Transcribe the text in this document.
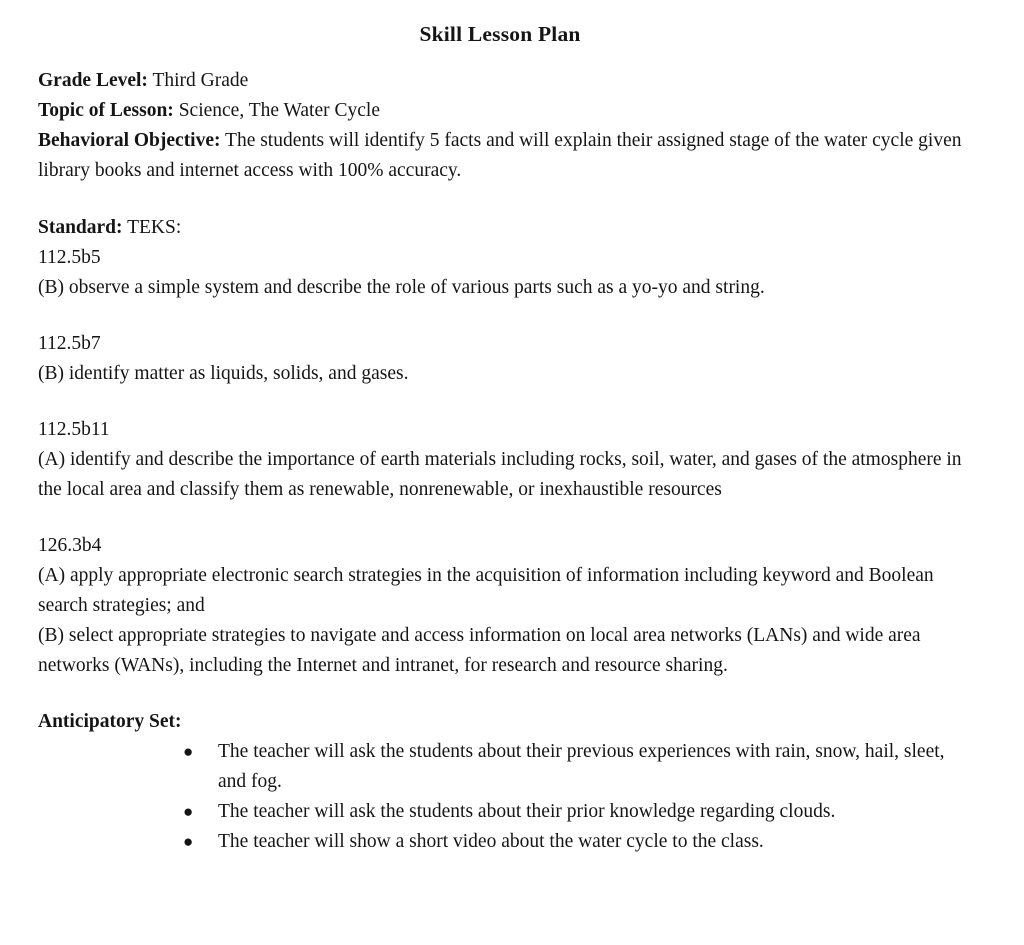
Skill Lesson Plan
Grade Level: Third Grade
Topic of Lesson: Science, The Water Cycle
Behavioral Objective: The students will identify 5 facts and will explain their assigned stage of the water cycle given library books and internet access with 100% accuracy.
Standard: TEKS:
112.5b5
(B) observe a simple system and describe the role of various parts such as a yo-yo and string.
112.5b7
(B) identify matter as liquids, solids, and gases.
112.5b11
(A) identify and describe the importance of earth materials including rocks, soil, water, and gases of the atmosphere in the local area and classify them as renewable, nonrenewable, or inexhaustible resources
126.3b4
(A) apply appropriate electronic search strategies in the acquisition of information including keyword and Boolean search strategies; and
(B) select appropriate strategies to navigate and access information on local area networks (LANs) and wide area networks (WANs), including the Internet and intranet, for research and resource sharing.
Anticipatory Set:
● The teacher will ask the students about their previous experiences with rain, snow, hail, sleet, and fog.
● The teacher will ask the students about their prior knowledge regarding clouds.
● The teacher will show a short video about the water cycle to the class.
